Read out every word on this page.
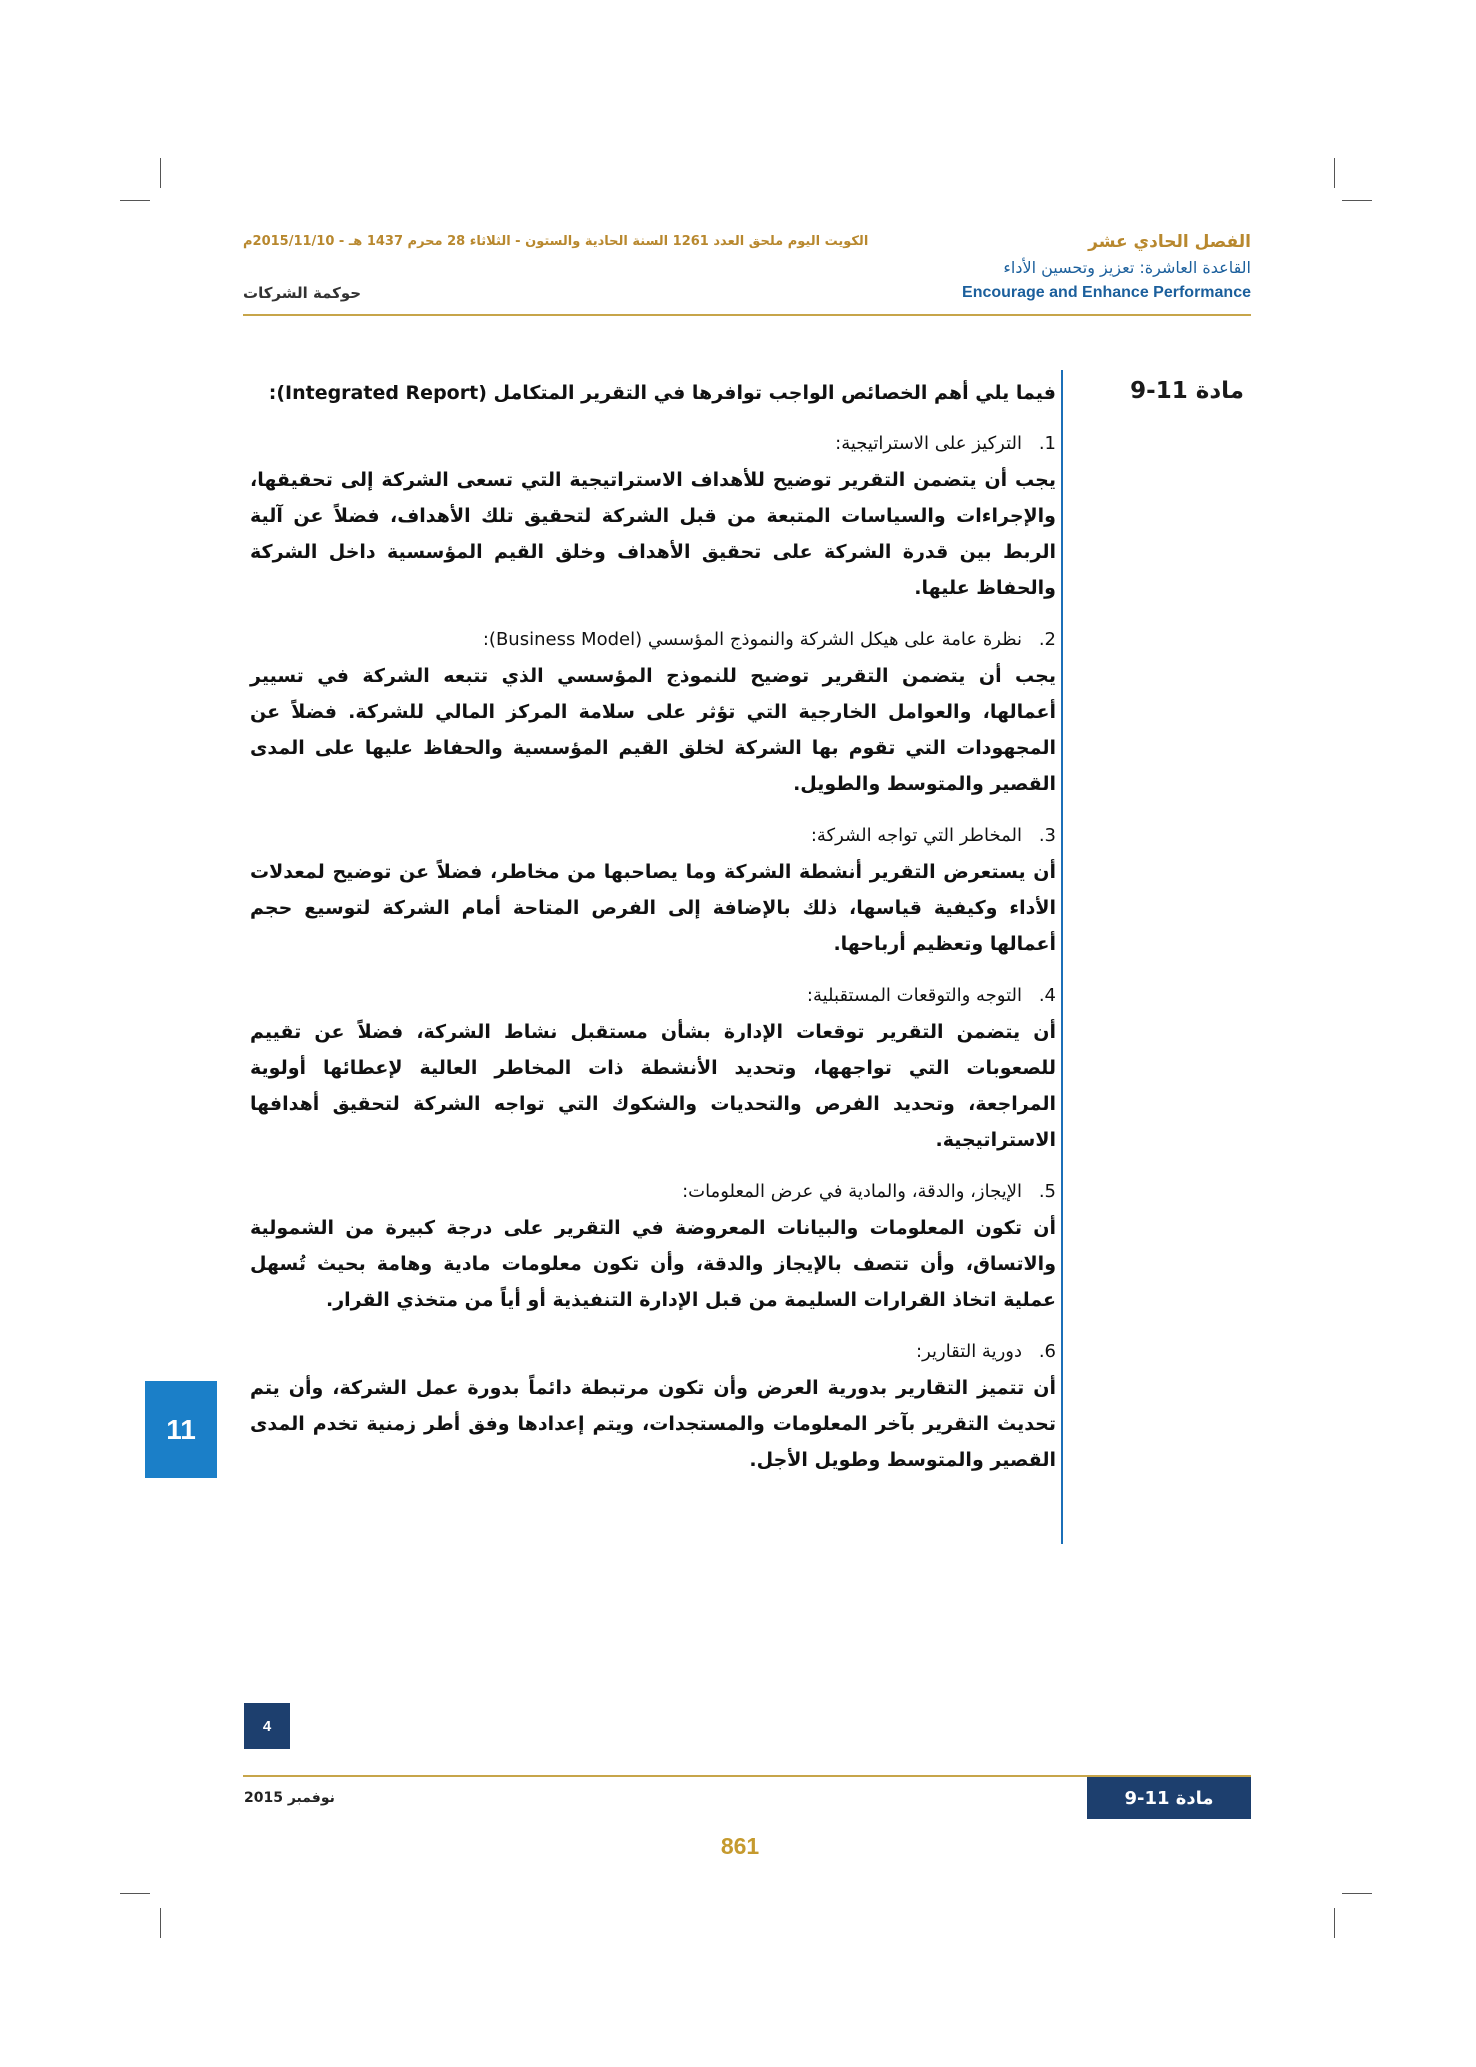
الفصل الحادي عشر
القاعدة العاشرة: تعزيز وتحسين الأداء
Encourage and Enhance Performance
الكويت اليوم ملحق العدد 1261 السنة الحادية والستون - الثلاثاء 28 محرم 1437 هـ - 2015/11/10م
حوكمة الشركات
مادة 11-9
فيما يلي أهم الخصائص الواجب توافرها في التقرير المتكامل (Integrated Report):
1.التركيز على الاستراتيجية:
يجب أن يتضمن التقرير توضيح للأهداف الاستراتيجية التي تسعى الشركة إلى تحقيقها، والإجراءات والسياسات المتبعة من قبل الشركة لتحقيق تلك الأهداف، فضلاً عن آلية الربط بين قدرة الشركة على تحقيق الأهداف وخلق القيم المؤسسية داخل الشركة والحفاظ عليها.
2.نظرة عامة على هيكل الشركة والنموذج المؤسسي (Business Model):
يجب أن يتضمن التقرير توضيح للنموذج المؤسسي الذي تتبعه الشركة في تسيير أعمالها، والعوامل الخارجية التي تؤثر على سلامة المركز المالي للشركة. فضلاً عن المجهودات التي تقوم بها الشركة لخلق القيم المؤسسية والحفاظ عليها على المدى القصير والمتوسط والطويل.
3.المخاطر التي تواجه الشركة:
أن يستعرض التقرير أنشطة الشركة وما يصاحبها من مخاطر، فضلاً عن توضيح لمعدلات الأداء وكيفية قياسها، ذلك بالإضافة إلى الفرص المتاحة أمام الشركة لتوسيع حجم أعمالها وتعظيم أرباحها.
4.التوجه والتوقعات المستقبلية:
أن يتضمن التقرير توقعات الإدارة بشأن مستقبل نشاط الشركة، فضلاً عن تقييم للصعوبات التي تواجهها، وتحديد الأنشطة ذات المخاطر العالية لإعطائها أولوية المراجعة، وتحديد الفرص والتحديات والشكوك التي تواجه الشركة لتحقيق أهدافها الاستراتيجية.
5.الإيجاز، والدقة، والمادية في عرض المعلومات:
أن تكون المعلومات والبيانات المعروضة في التقرير على درجة كبيرة من الشمولية والاتساق، وأن تتصف بالإيجاز والدقة، وأن تكون معلومات مادية وهامة بحيث تُسهل عملية اتخاذ القرارات السليمة من قبل الإدارة التنفيذية أو أياً من متخذي القرار.
6.دورية التقارير:
أن تتميز التقارير بدورية العرض وأن تكون مرتبطة دائماً بدورة عمل الشركة، وأن يتم تحديث التقرير بآخر المعلومات والمستجدات، ويتم إعدادها وفق أطر زمنية تخدم المدى القصير والمتوسط وطويل الأجل.
11
4
نوفمبر 2015	مادة 11-9
861
